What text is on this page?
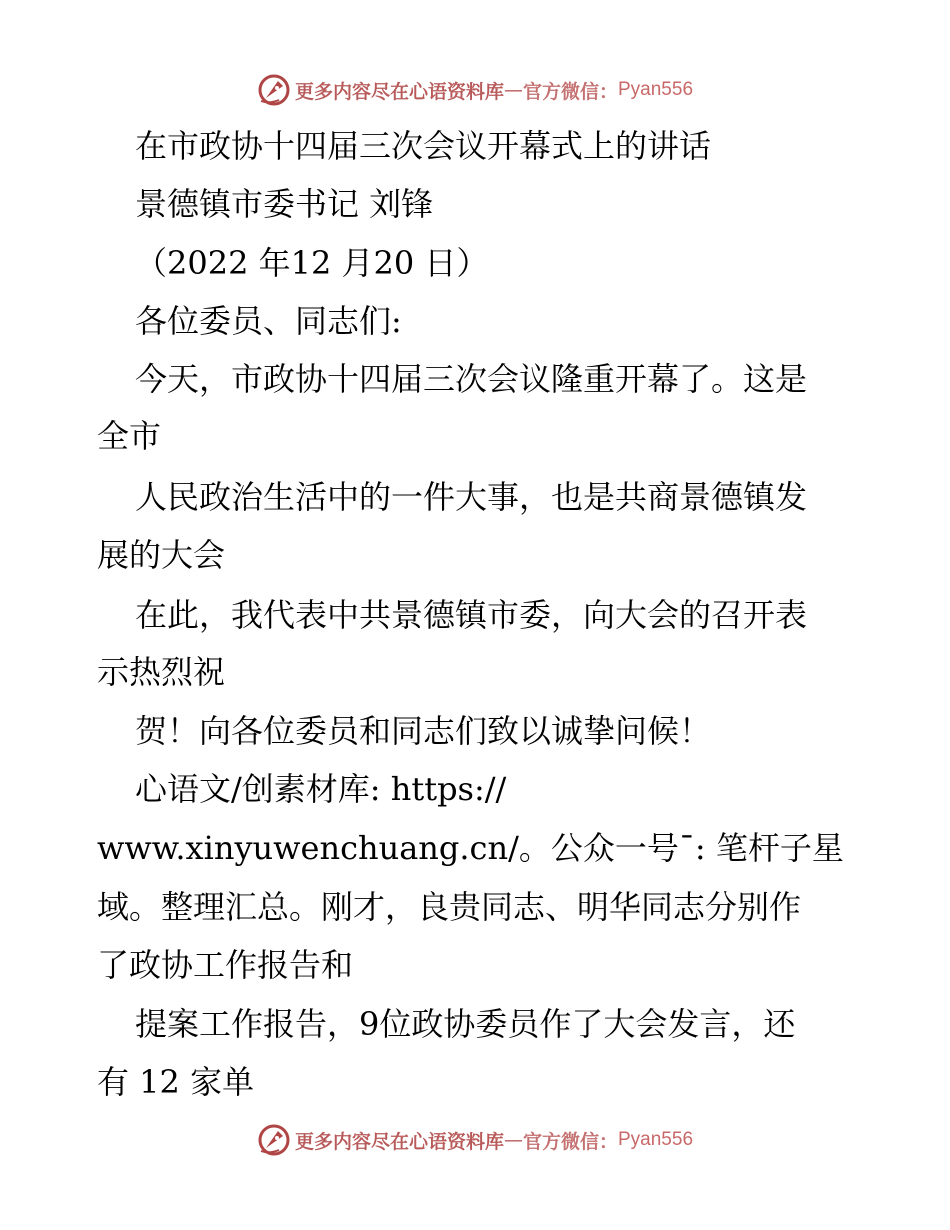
更多内容尽在心语资料库 — 官方微信： Pyan556
在市政协十四届三次会议开幕式上的讲话
景德镇市委书记 刘锋
（2022 年12 月20 日）
各位委员、同志们:
今天，市政协十四届三次会议隆重开幕了。这是
全市
人民政治生活中的一件大事，也是共商景德镇发
展的大会
在此，我代表中共景德镇市委，向大会的召开表
示热烈祝
贺！向各位委员和同志们致以诚挚问候！
心语文/创素材库: https://
www.xinyuwenchuang.cn/。公众一号¯: 笔杆子星
域。整理汇总。刚才，良贵同志、明华同志分别作
了政协工作报告和
提案工作报告，9位政协委员作了大会发言，还
有 12 家单
更多内容尽在心语资料库 — 官方微信： Pyan556
